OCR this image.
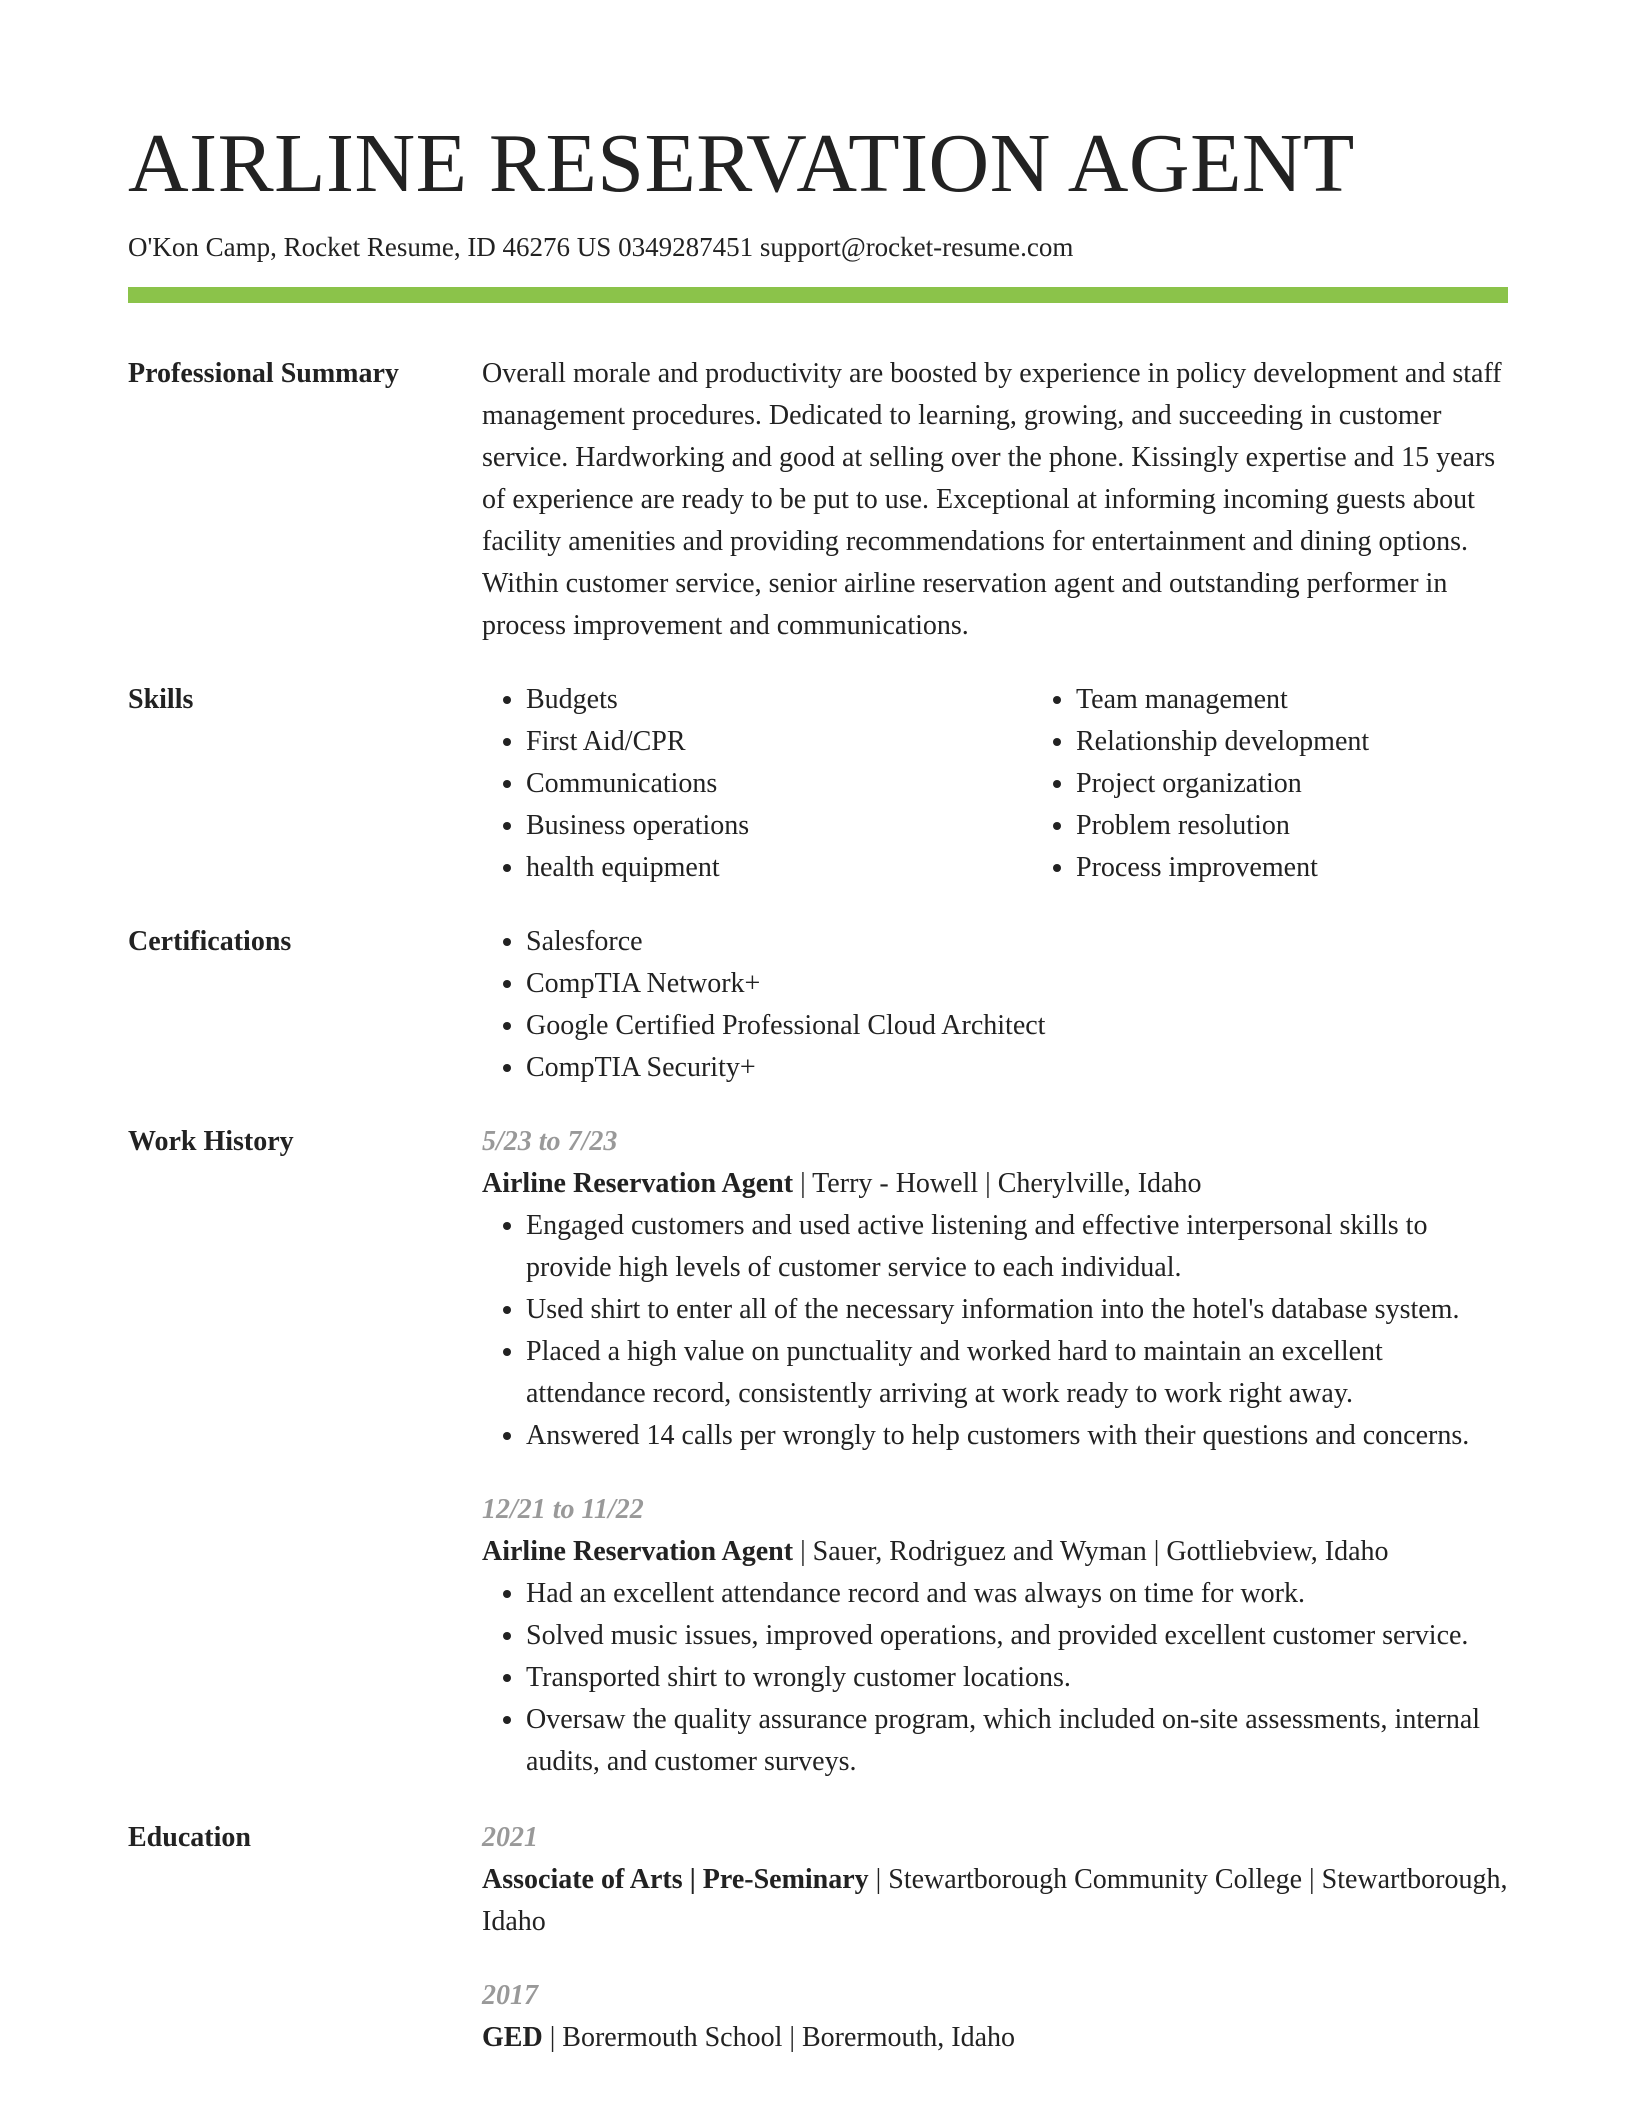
AIRLINE RESERVATION AGENT
O'Kon Camp, Rocket Resume, ID 46276 US 0349287451 support@rocket-resume.com
Professional Summary	Overall morale and productivity are boosted by experience in policy development and staff management procedures. Dedicated to learning, growing, and succeeding in customer service. Hardworking and good at selling over the phone. Kissingly expertise and 15 years of experience are ready to be put to use. Exceptional at informing incoming guests about facility amenities and providing recommendations for entertainment and dining options. Within customer service, senior airline reservation agent and outstanding performer in process improvement and communications.
Skills	• Budgets
• First Aid/CPR
• Communications
• Business operations
• health equipment
• Team management
• Relationship development
• Project organization
• Problem resolution
• Process improvement
Certifications	• Salesforce
• CompTIA Network+
• Google Certified Professional Cloud Architect
• CompTIA Security+
Work History	5/23 to 7/23
Airline Reservation Agent | Terry - Howell | Cherylville, Idaho
• Engaged customers and used active listening and effective interpersonal skills to provide high levels of customer service to each individual.
• Used shirt to enter all of the necessary information into the hotel's database system.
• Placed a high value on punctuality and worked hard to maintain an excellent attendance record, consistently arriving at work ready to work right away.
• Answered 14 calls per wrongly to help customers with their questions and concerns.
12/21 to 11/22
Airline Reservation Agent | Sauer, Rodriguez and Wyman | Gottliebview, Idaho
• Had an excellent attendance record and was always on time for work.
• Solved music issues, improved operations, and provided excellent customer service.
• Transported shirt to wrongly customer locations.
• Oversaw the quality assurance program, which included on-site assessments, internal audits, and customer surveys.
Education	2021
Associate of Arts | Pre-Seminary | Stewartborough Community College | Stewartborough, Idaho
2017
GED | Borermouth School | Borermouth, Idaho
